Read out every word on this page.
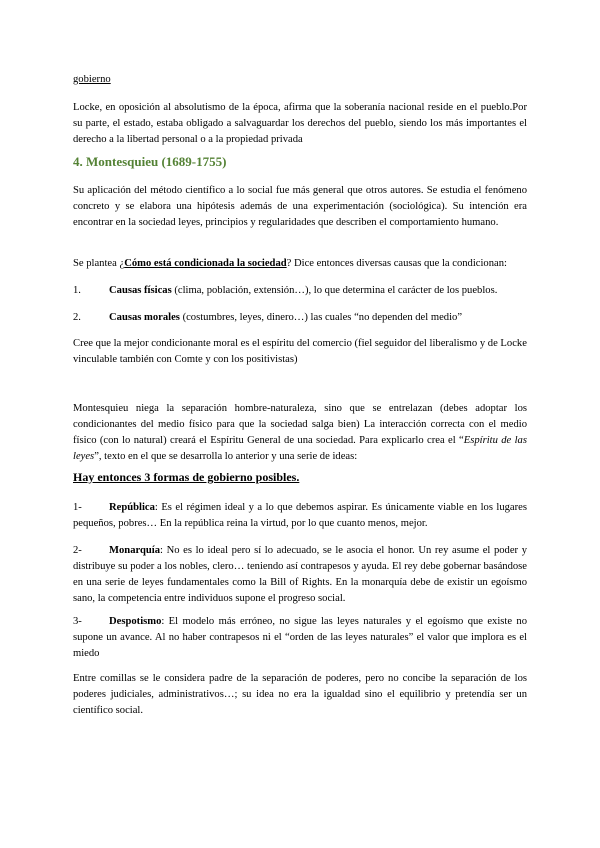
gobierno
Locke, en oposición al absolutismo de la época, afirma que la soberanía nacional reside en el pueblo.Por su parte, el estado, estaba obligado a salvaguardar los derechos del pueblo, siendo los más importantes el derecho a la libertad personal o a la propiedad privada
4. Montesquieu (1689-1755)
Su aplicación del método científico a lo social fue más general que otros autores. Se estudia el fenómeno concreto y se elabora una hipótesis además de una experimentación (sociológica). Su intención era encontrar en la sociedad leyes, principios y regularidades que describen el comportamiento humano.
Se plantea ¿Cómo está condicionada la sociedad? Dice entonces diversas causas que la condicionan:
1.	Causas físicas (clima, población, extensión…), lo que determina el carácter de los pueblos.
2.	Causas morales (costumbres, leyes, dinero…) las cuales “no dependen del medio”
Cree que la mejor condicionante moral es el espíritu del comercio (fiel seguidor del liberalismo y de Locke vinculable también con Comte y con los positivistas)
Montesquieu niega la separación hombre-naturaleza, sino que se entrelazan (debes adoptar los condicionantes del medio físico para que la sociedad salga bien) La interacción correcta con el medio físico (con lo natural) creará el Espíritu General de una sociedad. Para explicarlo crea el “Espíritu de las leyes”, texto en el que se desarrolla lo anterior y una serie de ideas:
Hay entonces 3 formas de gobierno posibles.
1-	República: Es el régimen ideal y a lo que debemos aspirar. Es únicamente viable en los lugares pequeños, pobres… En la república reina la virtud, por lo que cuanto menos, mejor.
2-	Monarquía: No es lo ideal pero sí lo adecuado, se le asocia el honor. Un rey asume el poder y distribuye su poder a los nobles, clero… teniendo así contrapesos y ayuda. El rey debe gobernar basándose en una serie de leyes fundamentales como la Bill of Rights. En la monarquía debe de existir un egoísmo sano, la competencia entre individuos supone el progreso social.
3-	Despotismo: El modelo más erróneo, no sigue las leyes naturales y el egoísmo que existe no supone un avance. Al no haber contrapesos ni el “orden de las leyes naturales” el valor que implora es el miedo
Entre comillas se le considera padre de la separación de poderes, pero no concibe la separación de los poderes judiciales, administrativos…; su idea no era la igualdad sino el equilibrio y pretendía ser un científico social.
